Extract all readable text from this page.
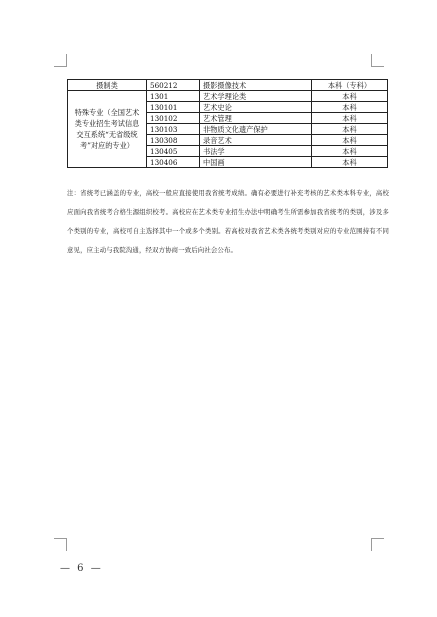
摄制类	560212	摄影摄像技术	本科（专科）
特殊专业（全国艺术类专业招生考试信息交互系统“无省级统考”对应的专业）	1301	艺术学理论类	本科
	130101	艺术史论	本科
	130102	艺术管理	本科
	130103	非物质文化遗产保护	本科
	130308	录音艺术	本科
	130405	书法学	本科
	130406	中国画	本科
注：省统考已涵盖的专业，高校一般应直接使用我省统考成绩。确有必要进行补充考核的艺术类本科专业，高校应面向我省统考合格生源组织校考。高校应在艺术类专业招生办法中明确考生所需参加我省统考的类别，涉及多个类别的专业，高校可自主选择其中一个或多个类别。若高校对我省艺术类各统考类别对应的专业范围持有不同意见，应主动与我院沟通，经双方协商一致后向社会公布。
— 6 —
